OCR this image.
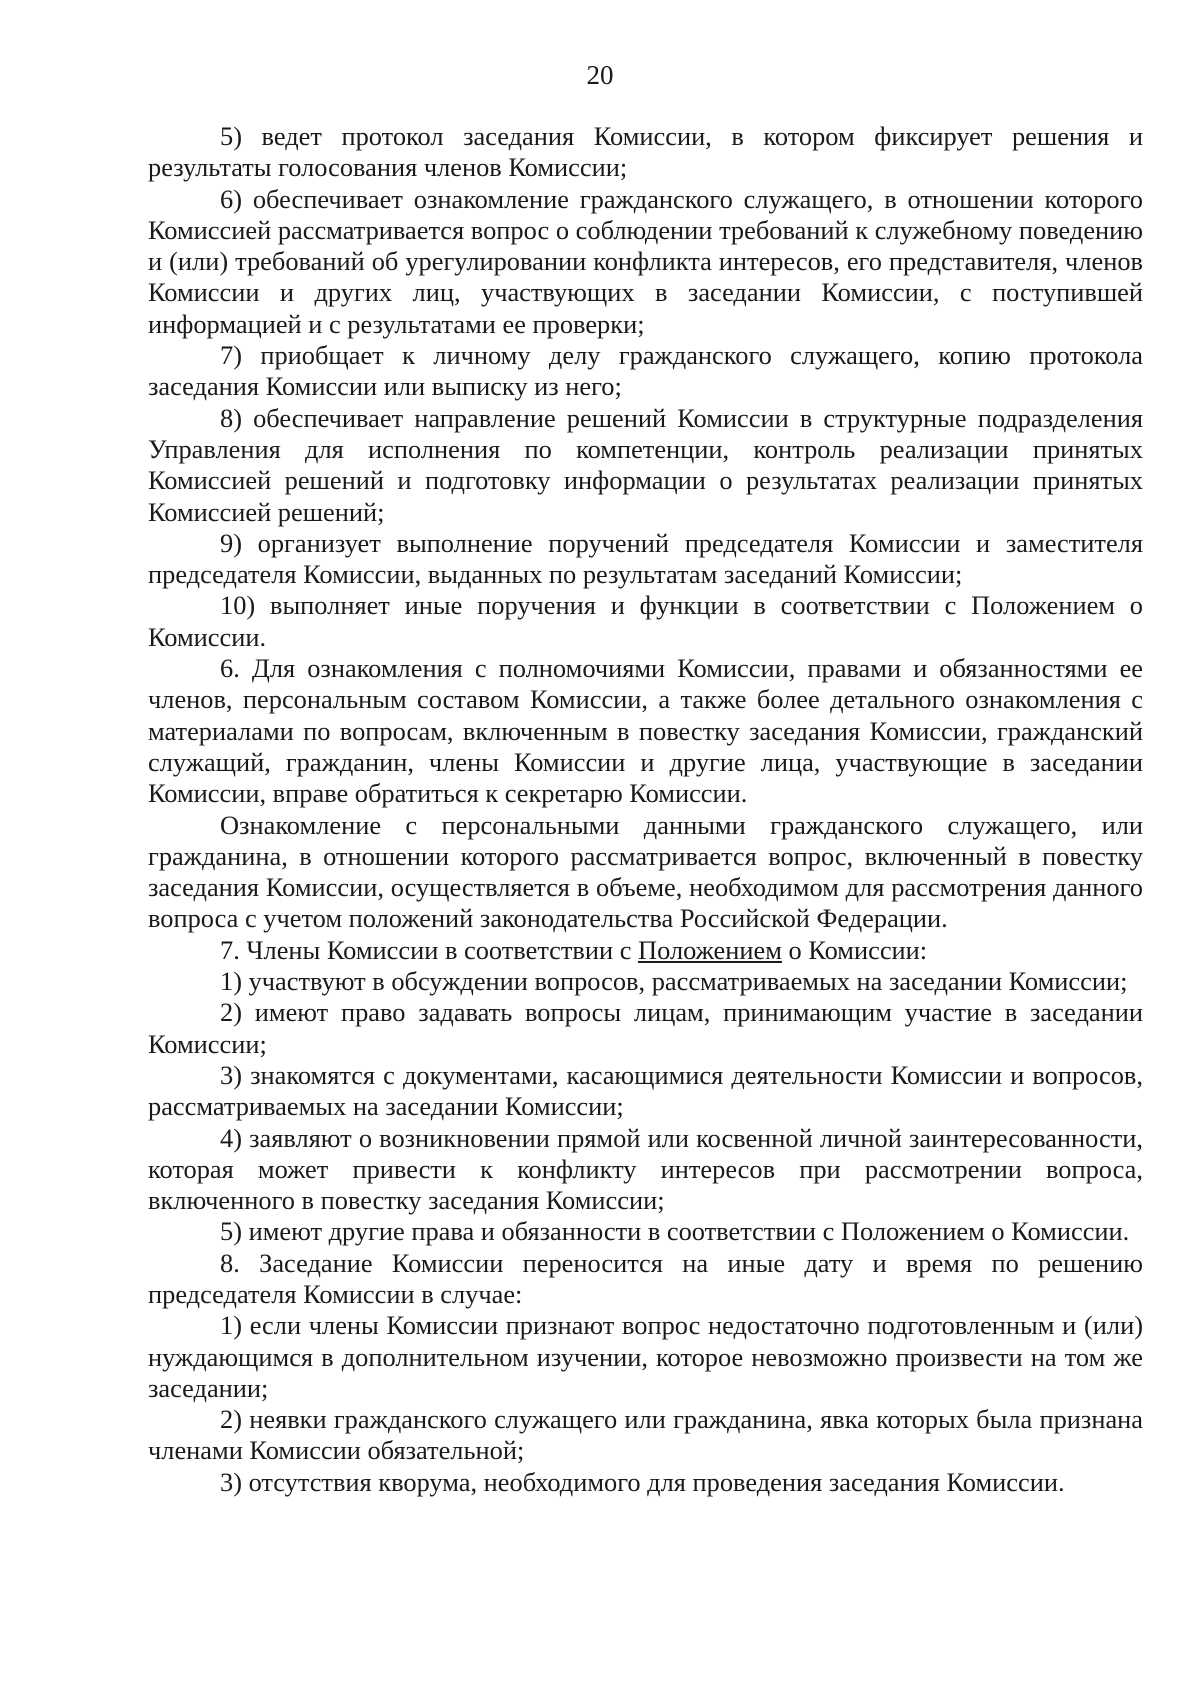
20

5) ведет протокол заседания Комиссии, в котором фиксирует решения и результаты голосования членов Комиссии;

6) обеспечивает ознакомление гражданского служащего, в отношении которого Комиссией рассматривается вопрос о соблюдении требований к служебному поведению и (или) требований об урегулировании конфликта интересов, его представителя, членов Комиссии и других лиц, участвующих в заседании Комиссии, с поступившей информацией и с результатами ее проверки;

7) приобщает к личному делу гражданского служащего, копию протокола заседания Комиссии или выписку из него;

8) обеспечивает направление решений Комиссии в структурные подразделения Управления для исполнения по компетенции, контроль реализации принятых Комиссией решений и подготовку информации о результатах реализации принятых Комиссией решений;

9) организует выполнение поручений председателя Комиссии и заместителя председателя Комиссии, выданных по результатам заседаний Комиссии;

10) выполняет иные поручения и функции в соответствии с Положением о Комиссии.

6. Для ознакомления с полномочиями Комиссии, правами и обязанностями ее членов, персональным составом Комиссии, а также более детального ознакомления с материалами по вопросам, включенным в повестку заседания Комиссии, гражданский служащий, гражданин, члены Комиссии и другие лица, участвующие в заседании Комиссии, вправе обратиться к секретарю Комиссии.

Ознакомление с персональными данными гражданского служащего, или гражданина, в отношении которого рассматривается вопрос, включенный в повестку заседания Комиссии, осуществляется в объеме, необходимом для рассмотрения данного вопроса с учетом положений законодательства Российской Федерации.

7. Члены Комиссии в соответствии с Положением о Комиссии:

1) участвуют в обсуждении вопросов, рассматриваемых на заседании Комиссии;

2) имеют право задавать вопросы лицам, принимающим участие в заседании Комиссии;

3) знакомятся с документами, касающимися деятельности Комиссии и вопросов, рассматриваемых на заседании Комиссии;

4) заявляют о возникновении прямой или косвенной личной заинтересованности, которая может привести к конфликту интересов при рассмотрении вопроса, включенного в повестку заседания Комиссии;

5) имеют другие права и обязанности в соответствии с Положением о Комиссии.

8. Заседание Комиссии переносится на иные дату и время по решению председателя Комиссии в случае:

1) если члены Комиссии признают вопрос недостаточно подготовленным и (или) нуждающимся в дополнительном изучении, которое невозможно произвести на том же заседании;

2) неявки гражданского служащего или гражданина, явка которых была признана членами Комиссии обязательной;

3) отсутствия кворума, необходимого для проведения заседания Комиссии.
